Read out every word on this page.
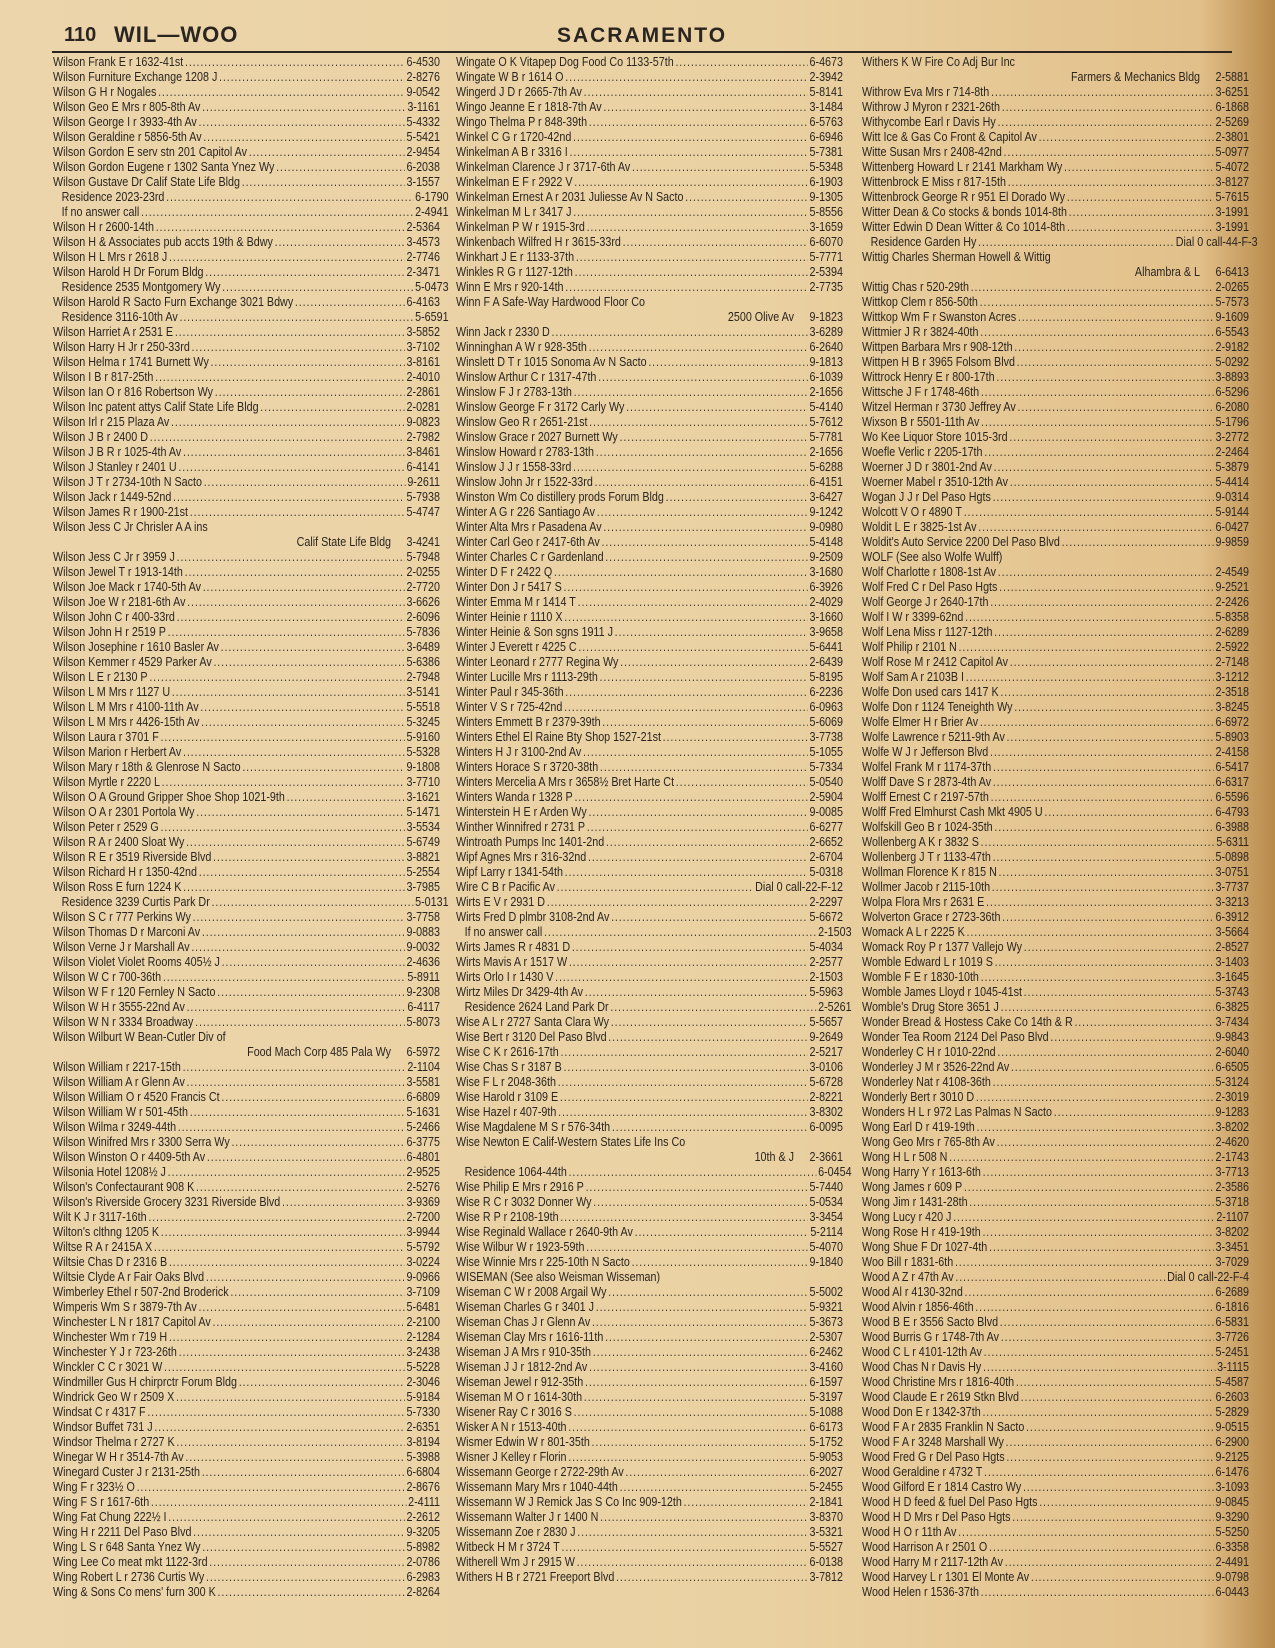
110 WIL—WOO	SACRAMENTO
Wilson Frank E r 1632-41st .....	6-4530
Wilson Furniture Exchange 1208 J .....	2-8276
Wilson G H r Nogales .....	9-0542
Wilson Geo E Mrs r 805-8th Av .....	3-1161
Wilson George I r 3933-4th Av .....	5-4332
Wilson Geraldine r 5856-5th Av .....	5-5421
Wilson Gordon E serv stn 201 Capitol Av .....	2-9454
Wilson Gordon Eugene r 1302 Santa Ynez Wy .....	6-2038
Wilson Gustave Dr Calif State Life Bldg .....	3-1557
Residence 2023-23rd .....	6-1790
If no answer call .....	2-4941
Wilson H r 2600-14th .....	2-5364
Wilson H & Associates pub accts 19th & Bdwy .....	3-4573
Wilson H L Mrs r 2618 J .....	2-7746
Wilson Harold H Dr Forum Bldg .....	2-3471
Residence 2535 Montgomery Wy .....	5-0473
Wilson Harold R Sacto Furn Exchange 3021 Bdwy .....	6-4163
Residence 3116-10th Av .....	5-6591
Wilson Harriet A r 2531 E .....	3-5852
Wilson Harry H Jr r 250-33rd .....	3-7102
Wilson Helma r 1741 Burnett Wy .....	3-8161
Wilson I B r 817-25th .....	2-4010
Wilson Ian O r 816 Robertson Wy .....	2-2861
Wilson Inc patent attys Calif State Life Bldg .....	2-0281
Wilson Irl r 215 Plaza Av .....	9-0823
Wilson J B r 2400 D .....	2-7982
Wilson J B R r 1025-4th Av .....	3-8461
Wilson J Stanley r 2401 U .....	6-4141
Wilson J T r 2734-10th N Sacto .....	9-2611
Wilson Jack r 1449-52nd .....	5-7938
Wilson James R r 1900-21st .....	5-4747
Wilson Jess C Jr Chrisler A A ins
Calif State Life Bldg 3-4241
Wilson Jess C Jr r 3959 J .....	5-7948
Wilson Jewel T r 1913-14th .....	2-0255
Wilson Joe Mack r 1740-5th Av .....	2-7720
Wilson Joe W r 2181-6th Av .....	3-6626
Wilson John C r 400-33rd .....	2-6096
Wilson John H r 2519 P .....	5-7836
Wilson Josephine r 1610 Basler Av .....	3-6489
Wilson Kemmer r 4529 Parker Av .....	5-6386
Wilson L E r 2130 P .....	2-7948
Wilson L M Mrs r 1127 U .....	3-5141
Wilson L M Mrs r 4100-11th Av .....	5-5518
Wilson L M Mrs r 4426-15th Av .....	5-3245
Wilson Laura r 3701 F .....	5-9160
Wilson Marion r Herbert Av .....	5-5328
Wilson Mary r 18th & Glenrose N Sacto .....	9-1808
Wilson Myrtle r 2220 L .....	3-7710
Wilson O A Ground Gripper Shoe Shop 1021-9th .....	3-1621
Wilson O A r 2301 Portola Wy .....	5-1471
Wilson Peter r 2529 G .....	3-5534
Wilson R A r 2400 Sloat Wy .....	5-6749
Wilson R E r 3519 Riverside Blvd .....	3-8821
Wilson Richard H r 1350-42nd .....	5-2554
Wilson Ross E furn 1224 K .....	3-7985
Residence 3239 Curtis Park Dr .....	5-0131
Wilson S C r 777 Perkins Wy .....	3-7758
Wilson Thomas D r Marconi Av .....	9-0883
Wilson Verne J r Marshall Av .....	9-0032
Wilson Violet Violet Rooms 405½ J .....	2-4636
Wilson W C r 700-36th .....	5-8911
Wilson W F r 120 Fernley N Sacto .....	9-2308
Wilson W H r 3555-22nd Av .....	6-4117
Wilson W N r 3334 Broadway .....	5-8073
Wilson Wilburt W Bean-Cutler Div of
Food Mach Corp 485 Pala Wy 6-5972
Wilson William r 2217-15th .....	2-1104
Wilson William A r Glenn Av .....	3-5581
Wilson William O r 4520 Francis Ct .....	6-6809
Wilson William W r 501-45th .....	5-1631
Wilson Wilma r 3249-44th .....	5-2466
Wilson Winifred Mrs r 3300 Serra Wy .....	6-3775
Wilson Winston O r 4409-5th Av .....	6-4801
Wilsonia Hotel 1208½ J .....	2-9525
Wilson's Confectaurant 908 K .....	2-5276
Wilson's Riverside Grocery 3231 Riverside Blvd .....	3-9369
Wilt K J r 3117-16th .....	2-7200
Wilton's clthng 1205 K .....	3-9944
Wiltse R A r 2415A X .....	5-5792
Wiltsie Chas D r 2316 B .....	3-0224
Wiltsie Clyde A r Fair Oaks Blvd .....	9-0966
Wimberley Ethel r 507-2nd Broderick .....	3-7109
Wimperis Wm S r 3879-7th Av .....	5-6481
Winchester L N r 1817 Capitol Av .....	2-2100
Winchester Wm r 719 H .....	2-1284
Winchester Y J r 723-26th .....	3-2438
Winckler C C r 3021 W .....	5-5228
Windmiller Gus H chirprctr Forum Bldg .....	2-3046
Windrick Geo W r 2509 X .....	5-9184
Windsat C r 4317 F .....	5-7330
Windsor Buffet 731 J .....	2-6351
Windsor Thelma r 2727 K .....	3-8194
Winegar W H r 3514-7th Av .....	5-3988
Winegard Custer J r 2131-25th .....	6-6804
Wing F r 323½ O .....	2-8676
Wing F S r 1617-6th .....	2-4111
Wing Fat Chung 222½ I .....	2-2612
Wing H r 2211 Del Paso Blvd .....	9-3205
Wing L S r 648 Santa Ynez Wy .....	5-8982
Wing Lee Co meat mkt 1122-3rd .....	2-0786
Wing Robert L r 2736 Curtis Wy .....	6-2983
Wing & Sons Co mens' furn 300 K .....	2-8264
Wingate O K Vitapep Dog Food Co 1133-57th .....	6-4673
Wingate W B r 1614 O .....	2-3942
Wingerd J D r 2665-7th Av .....	5-8141
Wingo Jeanne E r 1818-7th Av .....	3-1484
Wingo Thelma P r 848-39th .....	6-5763
Winkel C G r 1720-42nd .....	6-6946
Winkelman A B r 3316 I .....	5-7381
Winkelman Clarence J r 3717-6th Av .....	5-5348
Winkelman E F r 2922 V .....	6-1903
Winkelman Ernest A r 2031 Juliesse Av N Sacto .....	9-1305
Winkelman M L r 3417 J .....	5-8556
Winkelman P W r 1915-3rd .....	3-1659
Winkenbach Wilfred H r 3615-33rd .....	6-6070
Winkhart J E r 1133-37th .....	5-7771
Winkles R G r 1127-12th .....	2-5394
Winn E Mrs r 920-14th .....	2-7735
Winn F A Safe-Way Hardwood Floor Co
2500 Olive Av 9-1823
Winn Jack r 2330 D .....	3-6289
Winninghan A W r 928-35th .....	6-2640
Winslett D T r 1015 Sonoma Av N Sacto .....	9-1813
Winslow Arthur C r 1317-47th .....	6-1039
Winslow F J r 2783-13th .....	2-1656
Winslow George F r 3172 Carly Wy .....	5-4140
Winslow Geo R r 2651-21st .....	5-7612
Winslow Grace r 2027 Burnett Wy .....	5-7781
Winslow Howard r 2783-13th .....	2-1656
Winslow J J r 1558-33rd .....	5-6288
Winslow John Jr r 1522-33rd .....	6-4151
Winston Wm Co distillery prods Forum Bldg .....	3-6427
Winter A G r 226 Santiago Av .....	9-1242
Winter Alta Mrs r Pasadena Av .....	9-0980
Winter Carl Geo r 2417-6th Av .....	5-4148
Winter Charles C r Gardenland .....	9-2509
Winter D F r 2422 Q .....	3-1680
Winter Don J r 5417 S .....	6-3926
Winter Emma M r 1414 T .....	2-4029
Winter Heinie r 1110 X .....	3-1660
Winter Heinie & Son sgns 1911 J .....	3-9658
Winter J Everett r 4225 C .....	5-6441
Winter Leonard r 2777 Regina Wy .....	2-6439
Winter Lucille Mrs r 1113-29th .....	5-8195
Winter Paul r 345-36th .....	6-2236
Winter V S r 725-42nd .....	6-0963
Winters Emmett B r 2379-39th .....	5-6069
Winters Ethel El Raine Bty Shop 1527-21st .....	3-7738
Winters H J r 3100-2nd Av .....	5-1055
Winters Horace S r 3720-38th .....	5-7334
Winters Mercelia A Mrs r 3658½ Bret Harte Ct .....	5-0540
Winters Wanda r 1328 P .....	2-5904
Winterstein H E r Arden Wy .....	9-0085
Winther Winnifred r 2731 P .....	6-6277
Wintroath Pumps Inc 1401-2nd .....	2-6652
Wipf Agnes Mrs r 316-32nd .....	2-6704
Wipf Larry r 1341-54th .....	5-0318
Wire C B r Pacific Av .....	Dial 0 call-22-F-12
Wirts E V r 2931 D .....	2-2297
Wirts Fred D plmbr 3108-2nd Av .....	5-6672
If no answer call .....	2-1503
Wirts James R r 4831 D .....	5-4034
Wirts Mavis A r 1517 W .....	2-2577
Wirts Orlo I r 1430 V .....	2-1503
Wirtz Miles Dr 3429-4th Av .....	5-5963
Residence 2624 Land Park Dr .....	2-5261
Wise A L r 2727 Santa Clara Wy .....	5-5657
Wise Bert r 3120 Del Paso Blvd .....	9-2649
Wise C K r 2616-17th .....	2-5217
Wise Chas S r 3187 B .....	3-0106
Wise F L r 2048-36th .....	5-6728
Wise Harold r 3109 E .....	2-8221
Wise Hazel r 407-9th .....	3-8302
Wise Magdalene M S r 576-34th .....	6-0095
Wise Newton E Calif-Western States Life Ins Co
10th & J 2-3661
Residence 1064-44th .....	6-0454
Wise Philip E Mrs r 2916 P .....	5-7440
Wise R C r 3032 Donner Wy .....	5-0534
Wise R P r 2108-19th .....	3-3454
Wise Reginald Wallace r 2640-9th Av .....	5-2114
Wise Wilbur W r 1923-59th .....	5-4070
Wise Winnie Mrs r 225-10th N Sacto .....	9-1840
WISEMAN (See also Weisman Wisseman)
Wiseman C W r 2008 Argail Wy .....	5-5002
Wiseman Charles G r 3401 J .....	5-9321
Wiseman Chas J r Glenn Av .....	5-3673
Wiseman Clay Mrs r 1616-11th .....	2-5307
Wiseman J A Mrs r 910-35th .....	6-2462
Wiseman J J r 1812-2nd Av .....	3-4160
Wiseman Jewel r 912-35th .....	6-1597
Wiseman M O r 1614-30th .....	5-3197
Wisener Ray C r 3016 S .....	5-1088
Wisker A N r 1513-40th .....	6-6173
Wismer Edwin W r 801-35th .....	5-1752
Wisner J Kelley r Florin .....	5-9053
Wissemann George r 2722-29th Av .....	6-2027
Wissemann Mary Mrs r 1040-44th .....	5-2455
Wissemann W J Remick Jas S Co Inc 909-12th .....	2-1841
Wissemann Walter J r 1400 N .....	3-8370
Wissemann Zoe r 2830 J .....	3-5321
Witbeck H M r 3724 T .....	5-5527
Witherell Wm J r 2915 W .....	6-0138
Withers H B r 2721 Freeport Blvd .....	3-7812
Withers K W Fire Co Adj Bur Inc
Farmers & Mechanics Bldg 2-5881
Withrow Eva Mrs r 714-8th .....	3-6251
Withrow J Myron r 2321-26th .....	6-1868
Withycombe Earl r Davis Hy .....	2-5269
Witt Ice & Gas Co Front & Capitol Av .....	2-3801
Witte Susan Mrs r 2408-42nd .....	5-0977
Wittenberg Howard L r 2141 Markham Wy .....	5-4072
Wittenbrock E Miss r 817-15th .....	3-8127
Wittenbrock George R r 951 El Dorado Wy .....	5-7615
Witter Dean & Co stocks & bonds 1014-8th .....	3-1991
Witter Edwin D Dean Witter & Co 1014-8th .....	3-1991
Residence Garden Hy .....	Dial 0 call-44-F-3
Wittig Charles Sherman Howell & Wittig
Alhambra & L 6-6413
Wittig Chas r 520-29th .....	2-0265
Wittkop Clem r 856-50th .....	5-7573
Wittkop Wm F r Swanston Acres .....	9-1609
Wittmier J R r 3824-40th .....	6-5543
Wittpen Barbara Mrs r 908-12th .....	2-9182
Wittpen H B r 3965 Folsom Blvd .....	5-0292
Wittrock Henry E r 800-17th .....	3-8893
Wittsche J F r 1748-46th .....	6-5296
Witzel Herman r 3730 Jeffrey Av .....	6-2080
Wixson B r 5501-11th Av .....	5-1796
Wo Kee Liquor Store 1015-3rd .....	3-2772
Woefle Verlic r 2205-17th .....	2-2464
Woerner J D r 3801-2nd Av .....	5-3879
Woerner Mabel r 3510-12th Av .....	5-4414
Wogan J J r Del Paso Hgts .....	9-0314
Wolcott V O r 4890 T .....	5-9144
Woldit L E r 3825-1st Av .....	6-0427
Woldit's Auto Service 2200 Del Paso Blvd .....	9-9859
WOLF (See also Wolfe Wulff)
Wolf Charlotte r 1808-1st Av .....	2-4549
Wolf Fred C r Del Paso Hgts .....	9-2521
Wolf George J r 2640-17th .....	2-2426
Wolf I W r 3399-62nd .....	5-8358
Wolf Lena Miss r 1127-12th .....	2-6289
Wolf Philip r 2101 N .....	2-5922
Wolf Rose M r 2412 Capitol Av .....	2-7148
Wolf Sam A r 2103B I .....	3-1212
Wolfe Don used cars 1417 K .....	2-3518
Wolfe Don r 1124 Teneighth Wy .....	3-8245
Wolfe Elmer H r Brier Av .....	6-6972
Wolfe Lawrence r 5211-9th Av .....	5-8903
Wolfe W J r Jefferson Blvd .....	2-4158
Wolfel Frank M r 1174-37th .....	6-5417
Wolff Dave S r 2873-4th Av .....	6-6317
Wolff Ernest C r 2197-57th .....	6-5596
Wolff Fred Elmhurst Cash Mkt 4905 U .....	6-4793
Wolfskill Geo B r 1024-35th .....	6-3988
Wollenberg A K r 3832 S .....	5-6311
Wollenberg J T r 1133-47th .....	5-0898
Wollman Florence K r 815 N .....	3-0751
Wollmer Jacob r 2115-10th .....	3-7737
Wolpa Flora Mrs r 2631 E .....	3-3213
Wolverton Grace r 2723-36th .....	6-3912
Womack A L r 2225 K .....	3-5664
Womack Roy P r 1377 Vallejo Wy .....	2-8527
Womble Edward L r 1019 S .....	3-1403
Womble F E r 1830-10th .....	3-1645
Womble James Lloyd r 1045-41st .....	5-3743
Womble's Drug Store 3651 J .....	6-3825
Wonder Bread & Hostess Cake Co 14th & R .....	3-7434
Wonder Tea Room 2124 Del Paso Blvd .....	9-9843
Wonderley C H r 1010-22nd .....	2-6040
Wonderley J M r 3526-22nd Av .....	6-6505
Wonderley Nat r 4108-36th .....	5-3124
Wonderly Bert r 3010 D .....	2-3019
Wonders H L r 972 Las Palmas N Sacto .....	9-1283
Wong Earl D r 419-19th .....	3-8202
Wong Geo Mrs r 765-8th Av .....	2-4620
Wong H L r 508 N .....	2-1743
Wong Harry Y r 1613-6th .....	3-7713
Wong James r 609 P .....	2-3586
Wong Jim r 1431-28th .....	5-3718
Wong Lucy r 420 J .....	2-1107
Wong Rose H r 419-19th .....	3-8202
Wong Shue F Dr 1027-4th .....	3-3451
Woo Bill r 1831-6th .....	3-7029
Wood A Z r 47th Av .....	Dial 0 call-22-F-4
Wood Al r 4130-32nd .....	6-2689
Wood Alvin r 1856-46th .....	6-1816
Wood B E r 3556 Sacto Blvd .....	6-5831
Wood Burris G r 1748-7th Av .....	3-7726
Wood C L r 4101-12th Av .....	5-2451
Wood Chas N r Davis Hy .....	3-1115
Wood Christine Mrs r 1816-40th .....	5-4587
Wood Claude E r 2619 Stkn Blvd .....	6-2603
Wood Don E r 1342-37th .....	5-2829
Wood F A r 2835 Franklin N Sacto .....	9-0515
Wood F A r 3248 Marshall Wy .....	6-2900
Wood Fred G r Del Paso Hgts .....	9-2125
Wood Geraldine r 4732 T .....	6-1476
Wood Gilford E r 1814 Castro Wy .....	3-1093
Wood H D feed & fuel Del Paso Hgts .....	9-0845
Wood H D Mrs r Del Paso Hgts .....	9-3290
Wood H O r 11th Av .....	5-5250
Wood Harrison A r 2501 O .....	6-3358
Wood Harry M r 2117-12th Av .....	2-4491
Wood Harvey L r 1301 El Monte Av .....	9-0798
Wood Helen r 1536-37th .....	6-0443
